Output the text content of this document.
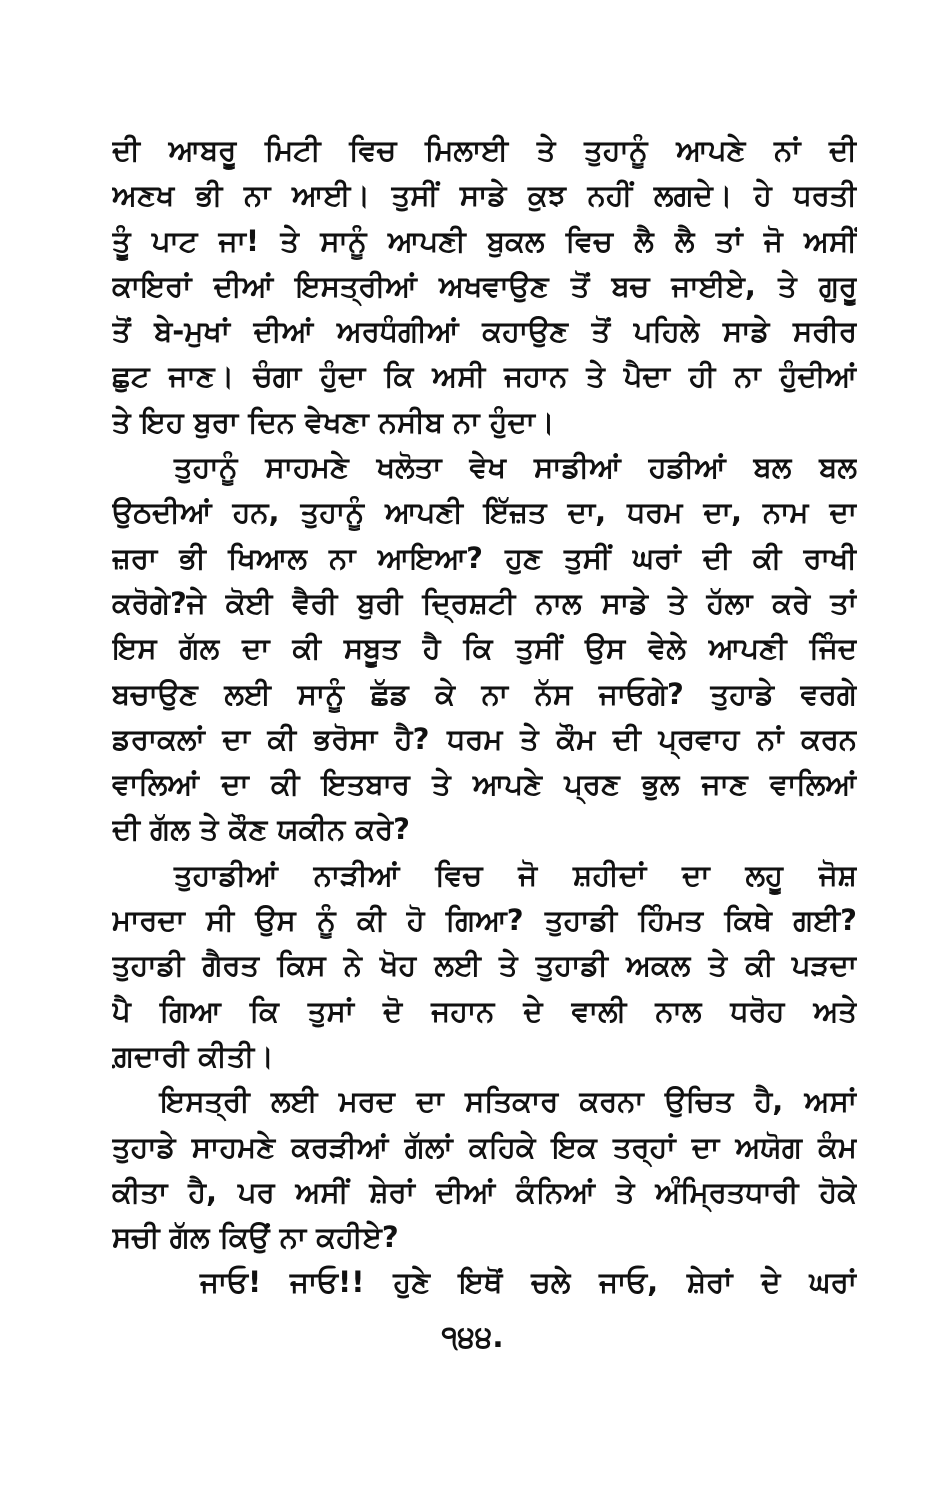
ਦੀ ਆਬਰੂ ਮਿਟੀ ਵਿਚ ਮਿਲਾਈ ਤੇ ਤੁਹਾਨੂੰ ਆਪਣੇ ਨਾਂ ਦੀ
ਅਣਖ ਭੀ ਨਾ ਆਈ। ਤੁਸੀਂ ਸਾਡੇ ਕੁਝ ਨਹੀਂ ਲਗਦੇ। ਹੇ ਧਰਤੀ
ਤੂੰ ਪਾਟ ਜਾ! ਤੇ ਸਾਨੂੰ ਆਪਣੀ ਬੁਕਲ ਵਿਚ ਲੈ ਲੈ ਤਾਂ ਜੋ ਅਸੀਂ
ਕਾਇਰਾਂ ਦੀਆਂ ਇਸਤ੍ਰੀਆਂ ਅਖਵਾਉਣ ਤੋਂ ਬਚ ਜਾਈਏ, ਤੇ ਗੁਰੂ
ਤੋਂ ਬੇ-ਮੁਖਾਂ ਦੀਆਂ ਅਰਧੰਗੀਆਂ ਕਹਾਉਣ ਤੋਂ ਪਹਿਲੇ ਸਾਡੇ ਸਰੀਰ
ਛੁਟ ਜਾਣ। ਚੰਗਾ ਹੁੰਦਾ ਕਿ ਅਸੀ ਜਹਾਨ ਤੇ ਪੈਦਾ ਹੀ ਨਾ ਹੁੰਦੀਆਂ
ਤੇ ਇਹ ਬੁਰਾ ਦਿਨ ਵੇਖਣਾ ਨਸੀਬ ਨਾ ਹੁੰਦਾ।
ਤੁਹਾਨੂੰ ਸਾਹਮਣੇ ਖਲੋਤਾ ਵੇਖ ਸਾਡੀਆਂ ਹਡੀਆਂ ਬਲ ਬਲ
ਉਠਦੀਆਂ ਹਨ, ਤੁਹਾਨੂੰ ਆਪਣੀ ਇੱਜ਼ਤ ਦਾ, ਧਰਮ ਦਾ, ਨਾਮ ਦਾ
ਜ਼ਰਾ ਭੀ ਖਿਆਲ ਨਾ ਆਇਆ? ਹੁਣ ਤੁਸੀਂ ਘਰਾਂ ਦੀ ਕੀ ਰਾਖੀ
ਕਰੋਗੇ?ਜੇ ਕੋਈ ਵੈਰੀ ਬੁਰੀ ਦ੍ਰਿਸ਼ਟੀ ਨਾਲ ਸਾਡੇ ਤੇ ਹੱਲਾ ਕਰੇ ਤਾਂ
ਇਸ ਗੱਲ ਦਾ ਕੀ ਸਬੂਤ ਹੈ ਕਿ ਤੁਸੀਂ ਉਸ ਵੇਲੇ ਆਪਣੀ ਜਿੰਦ
ਬਚਾਉਣ ਲਈ ਸਾਨੂੰ ਛੱਡ ਕੇ ਨਾ ਨੱਸ ਜਾਓਗੇ? ਤੁਹਾਡੇ ਵਰਗੇ
ਡਰਾਕਲਾਂ ਦਾ ਕੀ ਭਰੋਸਾ ਹੈ? ਧਰਮ ਤੇ ਕੌਮ ਦੀ ਪ੍ਰਵਾਹ ਨਾਂ ਕਰਨ
ਵਾਲਿਆਂ ਦਾ ਕੀ ਇਤਬਾਰ ਤੇ ਆਪਣੇ ਪ੍ਰਣ ਭੁਲ ਜਾਣ ਵਾਲਿਆਂ
ਦੀ ਗੱਲ ਤੇ ਕੌਣ ਯਕੀਨ ਕਰੇ?
ਤੁਹਾਡੀਆਂ ਨਾੜੀਆਂ ਵਿਚ ਜੋ ਸ਼ਹੀਦਾਂ ਦਾ ਲਹੂ ਜੋਸ਼
ਮਾਰਦਾ ਸੀ ਉਸ ਨੂੰ ਕੀ ਹੋ ਗਿਆ? ਤੁਹਾਡੀ ਹਿੰਮਤ ਕਿਥੇ ਗਈ?
ਤੁਹਾਡੀ ਗੈਰਤ ਕਿਸ ਨੇ ਖੋਹ ਲਈ ਤੇ ਤੁਹਾਡੀ ਅਕਲ ਤੇ ਕੀ ਪੜਦਾ
ਪੈ ਗਿਆ ਕਿ ਤੁਸਾਂ ਦੋ ਜਹਾਨ ਦੇ ਵਾਲੀ ਨਾਲ ਧਰੋਹ ਅਤੇ
ਗ਼ਦਾਰੀ ਕੀਤੀ।
ਇਸਤ੍ਰੀ ਲਈ ਮਰਦ ਦਾ ਸਤਿਕਾਰ ਕਰਨਾ ਉਚਿਤ ਹੈ, ਅਸਾਂ
ਤੁਹਾਡੇ ਸਾਹਮਣੇ ਕਰੜੀਆਂ ਗੱਲਾਂ ਕਹਿਕੇ ਇਕ ਤਰ੍ਹਾਂ ਦਾ ਅਯੋਗ ਕੰਮ
ਕੀਤਾ ਹੈ, ਪਰ ਅਸੀਂ ਸ਼ੇਰਾਂ ਦੀਆਂ ਕੰਨਿਆਂ ਤੇ ਅੰਮ੍ਰਿਤਧਾਰੀ ਹੋਕੇ
ਸਚੀ ਗੱਲ ਕਿਉਂ ਨਾ ਕਹੀਏ?
ਜਾਓ! ਜਾਓ!! ਹੁਣੇ ਇਥੋਂ ਚਲੇ ਜਾਓ, ਸ਼ੇਰਾਂ ਦੇ ਘਰਾਂ
੧੪੪.
